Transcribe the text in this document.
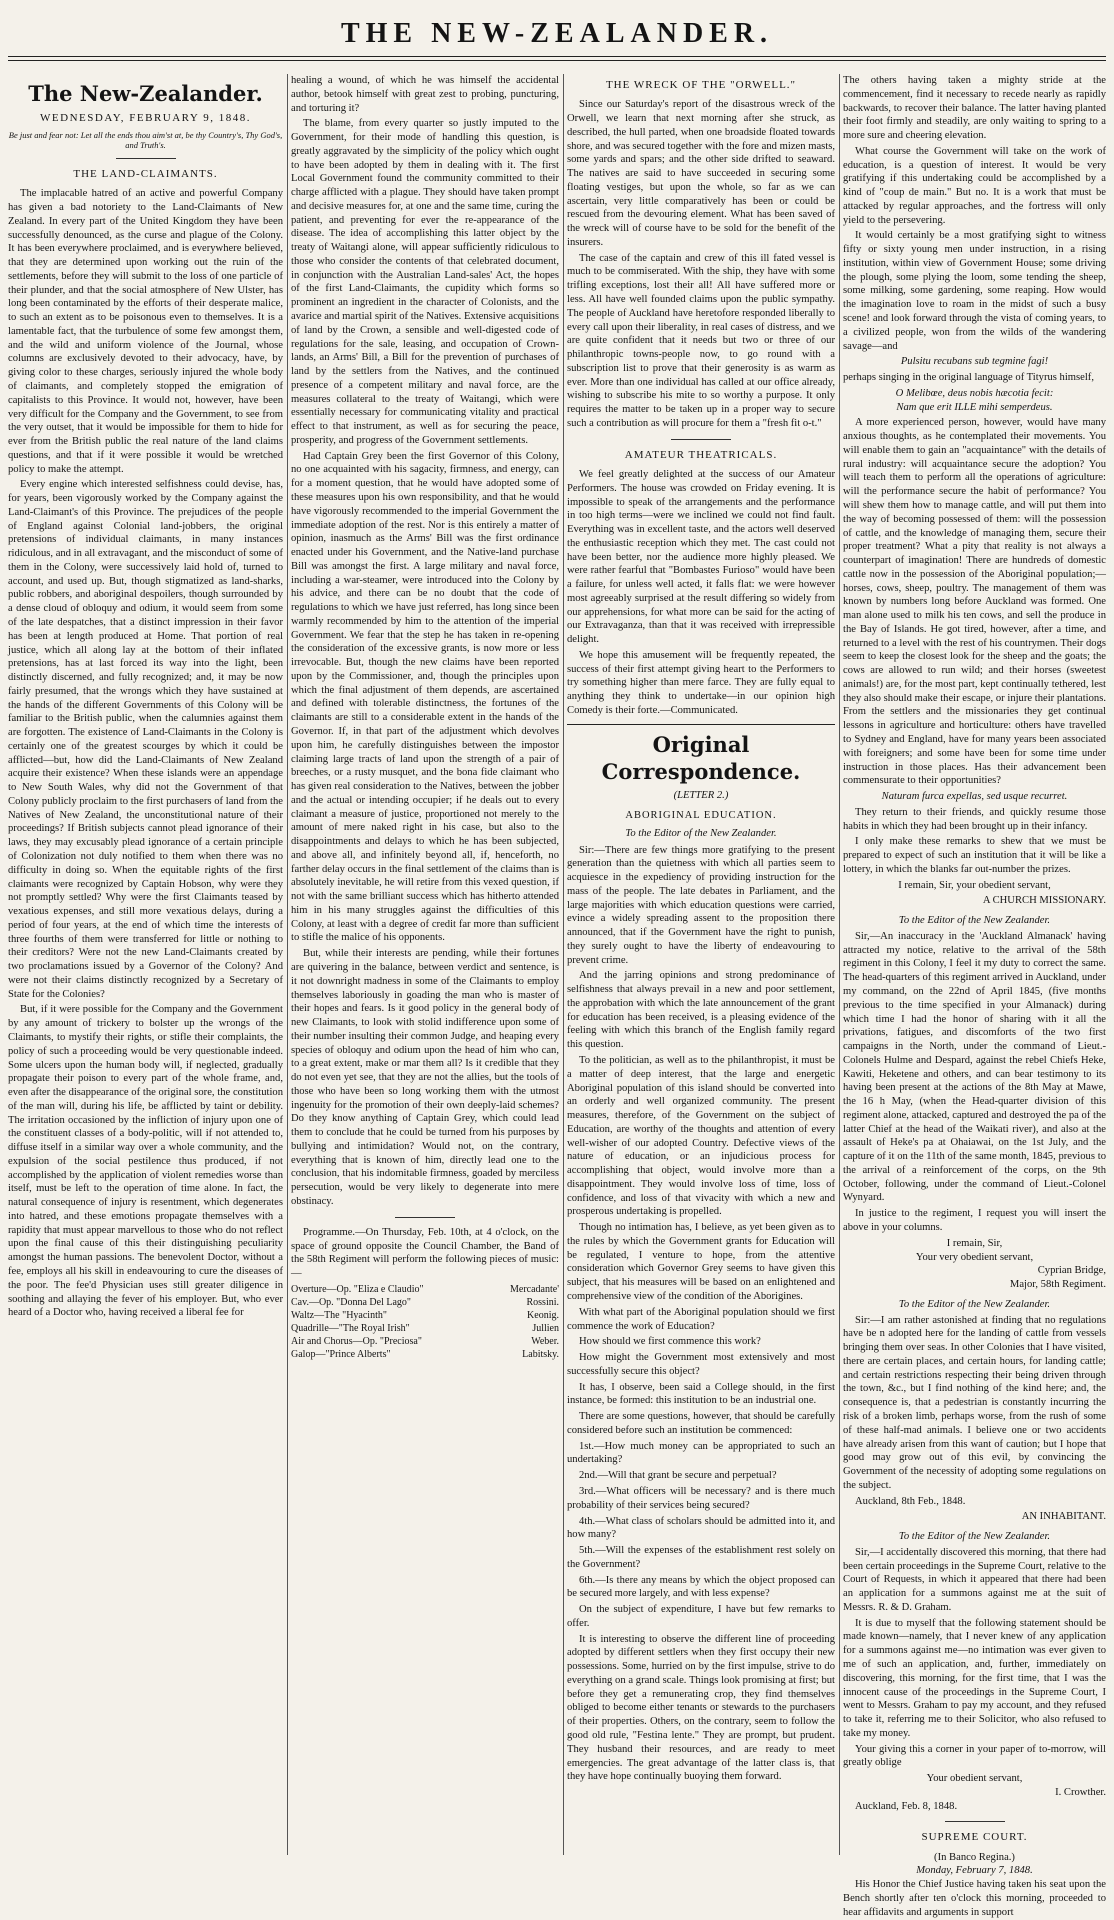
THE NEW-ZEALANDER.
The New-Zealander.
WEDNESDAY, FEBRUARY 9, 1848.
Be just and fear not: Let all the ends thou aim'st at, be thy Country's, Thy God's, and Truth's.
THE LAND-CLAIMANTS.

The implacable hatred of an active and powerful Company has given a bad notoriety to the Land-Claimants of New Zealand. In every part of the United Kingdom they have been successfully denounced, as the curse and plague of the Colony. It has been everywhere proclaimed, and is everywhere believed, that they are determined upon working out the ruin of the settlements, before they will submit to the loss of one particle of their plunder, and that the social atmosphere of New Ulster, has long been contaminated by the efforts of their desperate malice, to such an extent as to be poisonous even to themselves. It is a lamentable fact, that the turbulence of some few amongst them, and the wild and uniform violence of the Journal, whose columns are exclusively devoted to their advocacy, have, by giving color to these charges, seriously injured the whole body of claimants, and completely stopped the emigration of capitalists to this Province. It would not, however, have been very difficult for the Company and the Government, to see from the very outset, that it would be impossible for them to hide for ever from the British public the real nature of the land claims questions, and that if it were possible it would be wretched policy to make the attempt.

Every engine which interested selfishness could devise, has, for years, been vigorously worked by the Company against the Land-Claimant's of this Province. The prejudices of the people of England against Colonial land-jobbers, the original pretensions of individual claimants, in many instances ridiculous, and in all extravagant, and the misconduct of some of them in the Colony, were successively laid hold of, turned to account, and used up. But, though stigmatized as land-sharks, public robbers, and aboriginal despoilers, though surrounded by a dense cloud of obloquy and odium, it would seem from some of the late despatches, that a distinct impression in their favor has been at length produced at Home. That portion of real justice, which all along lay at the bottom of their inflated pretensions, has at last forced its way into the light, been distinctly discerned, and fully recognized; and, it may be now fairly presumed, that the wrongs which they have sustained at the hands of the different Governments of this Colony will be familiar to the British public, when the calumnies against them are forgotten. The existence of Land-Claimants in the Colony is certainly one of the greatest scourges by which it could be afflicted—but, how did the Land-Claimants of New Zealand acquire their existence? When these islands were an appendage to New South Wales, why did not the Government of that Colony publicly proclaim to the first purchasers of land from the Natives of New Zealand, the unconstitutional nature of their proceedings? If British subjects cannot plead ignorance of their laws, they may excusably plead ignorance of a certain principle of Colonization not duly notified to them when there was no difficulty in doing so. When the equitable rights of the first claimants were recognized by Captain Hobson, why were they not promptly settled? Why were the first Claimants teased by vexatious expenses, and still more vexatious delays, during a period of four years, at the end of which time the interests of three fourths of them were transferred for little or nothing to their creditors? Were not the new Land-Claimants created by two proclamations issued by a Governor of the Colony? And were not their claims distinctly recognized by a Secretary of State for the Colonies?

But, if it were possible for the Company and the Government by any amount of trickery to bolster up the wrongs of the Claimants, to mystify their rights, or stifle their complaints, the policy of such a proceeding would be very questionable indeed. Some ulcers upon the human body will, if neglected, gradually propagate their poison to every part of the whole frame, and, even after the disappearance of the original sore, the constitution of the man will, during his life, be afflicted by taint or debility. The irritation occasioned by the infliction of injury upon one of the constituent classes of a body-politic, will if not attended to, diffuse itself in a similar way over a whole community, and the expulsion of the social pestilence thus produced, if not accomplished by the application of violent remedies worse than itself, must be left to the operation of time alone. In fact, the natural consequence of injury is resentment, which degenerates into hatred, and these emotions propagate themselves with a rapidity that must appear marvellous to those who do not reflect upon the final cause of this their distinguishing peculiarity amongst the human passions. The benevolent Doctor, without a fee, employs all his skill in endeavouring to cure the diseases of the poor. The fee'd Physician uses still greater diligence in soothing and allaying the fever of his employer. But, who ever heard of a Doctor who, having received a liberal fee for

healing a wound, of which he was himself the accidental author, betook himself with great zest to probing, puncturing, and torturing it?

The blame, from every quarter so justly imputed to the Government, for their mode of handling this question, is greatly aggravated by the simplicity of the policy which ought to have been adopted by them in dealing with it. The first Local Government found the community committed to their charge afflicted with a plague. They should have taken prompt and decisive measures for, at one and the same time, curing the patient, and preventing for ever the re-appearance of the disease. The idea of accomplishing this latter object by the treaty of Waitangi alone, will appear sufficiently ridiculous to those who consider the contents of that celebrated document, in conjunction with the Australian Land-sales' Act, the hopes of the first Land-Claimants, the cupidity which forms so prominent an ingredient in the character of Colonists, and the avarice and martial spirit of the Natives. Extensive acquisitions of land by the Crown, a sensible and well-digested code of regulations for the sale, leasing, and occupation of Crown-lands, an Arms' Bill, a Bill for the prevention of purchases of land by the settlers from the Natives, and the continued presence of a competent military and naval force, are the measures collateral to the treaty of Waitangi, which were essentially necessary for communicating vitality and practical effect to that instrument, as well as for securing the peace, prosperity, and progress of the Government settlements.

Had Captain Grey been the first Governor of this Colony, no one acquainted with his sagacity, firmness, and energy, can for a moment question, that he would have adopted some of these measures upon his own responsibility, and that he would have vigorously recommended to the imperial Government the immediate adoption of the rest. Nor is this entirely a matter of opinion, inasmuch as the Arms' Bill was the first ordinance enacted under his Government, and the Native-land purchase Bill was amongst the first. A large military and naval force, including a war-steamer, were introduced into the Colony by his advice, and there can be no doubt that the code of regulations to which we have just referred, has long since been warmly recommended by him to the attention of the imperial Government. We fear that the step he has taken in re-opening the consideration of the excessive grants, is now more or less irrevocable. But, though the new claims have been reported upon by the Commissioner, and, though the principles upon which the final adjustment of them depends, are ascertained and defined with tolerable distinctness, the fortunes of the claimants are still to a considerable extent in the hands of the Governor. If, in that part of the adjustment which devolves upon him, he carefully distinguishes between the impostor claiming large tracts of land upon the strength of a pair of breeches, or a rusty musquet, and the bona fide claimant who has given real consideration to the Natives, between the jobber and the actual or intending occupier; if he deals out to every claimant a measure of justice, proportioned not merely to the amount of mere naked right in his case, but also to the disappointments and delays to which he has been subjected, and above all, and infinitely beyond all, if, henceforth, no farther delay occurs in the final settlement of the claims than is absolutely inevitable, he will retire from this vexed question, if not with the same brilliant success which has hitherto attended him in his many struggles against the difficulties of this Colony, at least with a degree of credit far more than sufficient to stifle the malice of his opponents.

But, while their interests are pending, while their fortunes are quivering in the balance, between verdict and sentence, is it not downright madness in some of the Claimants to employ themselves laboriously in goading the man who is master of their hopes and fears. Is it good policy in the general body of new Claimants, to look with stolid indifference upon some of their number insulting their common Judge, and heaping every species of obloquy and odium upon the head of him who can, to a great extent, make or mar them all? Is it credible that they do not even yet see, that they are not the allies, but the tools of those who have been so long working them with the utmost ingenuity for the promotion of their own deeply-laid schemes? Do they know anything of Captain Grey, which could lead them to conclude that he could be turned from his purposes by bullying and intimidation? Would not, on the contrary, everything that is known of him, directly lead one to the conclusion, that his indomitable firmness, goaded by merciless persecution, would be very likely to degenerate into mere obstinacy.

Programme.—On Thursday, Feb. 10th, at 4 o'clock, on the space of ground opposite the Council Chamber, the Band of the 58th Regiment will perform the following pieces of music:—

Overture—Op. "Eliza e Claudio"	Mercadante'
Cav.—Op. "Donna Del Lago"	Rossini.
Waltz—The "Hyacinth"	Keonig.
Quadrille—"The Royal Irish"	Jullien
Air and Chorus—Op. "Preciosa"	Weber.
Galop—"Prince Alberts"	Labitsky.
THE WRECK OF THE "ORWELL."

Since our Saturday's report of the disastrous wreck of the Orwell, we learn that next morning after she struck, as described, the hull parted, when one broadside floated towards shore, and was secured together with the fore and mizen masts, some yards and spars; and the other side drifted to seaward. The natives are said to have succeeded in securing some floating vestiges, but upon the whole, so far as we can ascertain, very little comparatively has been or could be rescued from the devouring element. What has been saved of the wreck will of course have to be sold for the benefit of the insurers.

The case of the captain and crew of this ill fated vessel is much to be commiserated. With the ship, they have with some trifling exceptions, lost their all! All have suffered more or less. All have well founded claims upon the public sympathy. The people of Auckland have heretofore responded liberally to every call upon their liberality, in real cases of distress, and we are quite confident that it needs but two or three of our philanthropic towns-people now, to go round with a subscription list to prove that their generosity is as warm as ever. More than one individual has called at our office already, wishing to subscribe his mite to so worthy a purpose. It only requires the matter to be taken up in a proper way to secure such a contribution as will procure for them a "fresh fit o-t."

AMATEUR THEATRICALS.

We feel greatly delighted at the success of our Amateur Performers. The house was crowded on Friday evening. It is impossible to speak of the arrangements and the performance in too high terms—were we inclined we could not find fault. Everything was in excellent taste, and the actors well deserved the enthusiastic reception which they met. The cast could not have been better, nor the audience more highly pleased. We were rather fearful that "Bombastes Furioso" would have been a failure, for unless well acted, it falls flat: we were however most agreeably surprised at the result differing so widely from our apprehensions, for what more can be said for the acting of our Extravaganza, than that it was received with irrepressible delight.

We hope this amusement will be frequently repeated, the success of their first attempt giving heart to the Performers to try something higher than mere farce. They are fully equal to anything they think to undertake—in our opinion high Comedy is their forte.—Communicated.

Original Correspondence.
(LETTER 2.)
ABORIGINAL EDUCATION.
To the Editor of the New Zealander.

Sir:—There are few things more gratifying to the present generation than the quietness with which all parties seem to acquiesce in the expediency of providing instruction for the mass of the people. The late debates in Parliament, and the large majorities with which education questions were carried, evince a widely spreading assent to the proposition there announced, that if the Government have the right to punish, they surely ought to have the liberty of endeavouring to prevent crime.

And the jarring opinions and strong predominance of selfishness that always prevail in a new and poor settlement, the approbation with which the late announcement of the grant for education has been received, is a pleasing evidence of the feeling with which this branch of the English family regard this question.

To the politician, as well as to the philanthropist, it must be a matter of deep interest, that the large and energetic Aboriginal population of this island should be converted into an orderly and well organized community. The present measures, therefore, of the Government on the subject of Education, are worthy of the thoughts and attention of every well-wisher of our adopted Country. Defective views of the nature of education, or an injudicious process for accomplishing that object, would involve more than a disappointment. They would involve loss of time, loss of confidence, and loss of that vivacity with which a new and prosperous undertaking is propelled.

Though no intimation has, I believe, as yet been given as to the rules by which the Government grants for Education will be regulated, I venture to hope, from the attentive consideration which Governor Grey seems to have given this subject, that his measures will be based on an enlightened and comprehensive view of the condition of the Aborigines.

With what part of the Aboriginal population should we first commence the work of Education?

How should we first commence this work?

How might the Government most extensively and most successfully secure this object?

It has, I observe, been said a College should, in the first instance, be formed: this institution to be an industrial one.

There are some questions, however, that should be carefully considered before such an institution be commenced:

1st.—How much money can be appropriated to such an undertaking?

2nd.—Will that grant be secure and perpetual?

3rd.—What officers will be necessary? and is there much probability of their services being secured?

4th.—What class of scholars should be admitted into it, and how many?

5th.—Will the expenses of the establishment rest solely on the Government?

6th.—Is there any means by which the object proposed can be secured more largely, and with less expense?

On the subject of expenditure, I have but few remarks to offer.

It is interesting to observe the different line of proceeding adopted by different settlers when they first occupy their new possessions. Some, hurried on by the first impulse, strive to do everything on a grand scale. Things look promising at first; but before they get a remunerating crop, they find themselves obliged to become either tenants or stewards to the purchasers of their properties. Others, on the contrary, seem to follow the good old rule, "Festina lente." They are prompt, but prudent. They husband their resources, and are ready to meet emergencies. The great advantage of the latter class is, that they have hope continually buoying them forward.

The others having taken a mighty stride at the commencement, find it necessary to recede nearly as rapidly backwards, to recover their balance. The latter having planted their foot firmly and steadily, are only waiting to spring to a more sure and cheering elevation.

What course the Government will take on the work of education, is a question of interest. It would be very gratifying if this undertaking could be accomplished by a kind of "coup de main." But no. It is a work that must be attacked by regular approaches, and the fortress will only yield to the persevering.

It would certainly be a most gratifying sight to witness fifty or sixty young men under instruction, in a rising institution, within view of Government House; some driving the plough, some plying the loom, some tending the sheep, some milking, some gardening, some reaping. How would the imagination love to roam in the midst of such a busy scene! and look forward through the vista of coming years, to a civilized people, won from the wilds of the wandering savage—and

Pulsitu recubans sub tegmine fagi!

perhaps singing in the original language of Tityrus himself,

O Melibœe, deus nobis hæcotia fecit:

Nam que erit ILLE mihi semperdeus.

A more experienced person, however, would have many anxious thoughts, as he contemplated their movements. You will enable them to gain an "acquaintance" with the details of rural industry: will acquaintance secure the adoption? You will teach them to perform all the operations of agriculture: will the performance secure the habit of performance? You will shew them how to manage cattle, and will put them into the way of becoming possessed of them: will the possession of cattle, and the knowledge of managing them, secure their proper treatment? What a pity that reality is not always a counterpart of imagination! There are hundreds of domestic cattle now in the possession of the Aboriginal population;—horses, cows, sheep, poultry. The management of them was known by numbers long before Auckland was formed. One man alone used to milk his ten cows, and sell the produce in the Bay of Islands. He got tired, however, after a time, and returned to a level with the rest of his countrymen. Their dogs seem to keep the closest look for the sheep and the goats; the cows are allowed to run wild; and their horses (sweetest animals!) are, for the most part, kept continually tethered, lest they also should make their escape, or injure their plantations. From the settlers and the missionaries they get continual lessons in agriculture and horticulture: others have travelled to Sydney and England, have for many years been associated with foreigners; and some have been for some time under instruction in those places. Has their advancement been commensurate to their opportunities?

Naturam furca expellas, sed usque recurret.

They return to their friends, and quickly resume those habits in which they had been brought up in their infancy.

I only make these remarks to shew that we must be prepared to expect of such an institution that it will be like a lottery, in which the blanks far out-number the prizes.

I remain, Sir, your obedient servant,

A CHURCH MISSIONARY.

To the Editor of the New Zealander.

Sir,—An inaccuracy in the 'Auckland Almanack' having attracted my notice, relative to the arrival of the 58th regiment in this Colony, I feel it my duty to correct the same. The head-quarters of this regiment arrived in Auckland, under my command, on the 22nd of April 1845, (five months previous to the time specified in your Almanack) during which time I had the honor of sharing with it all the privations, fatigues, and discomforts of the two first campaigns in the North, under the command of Lieut.-Colonels Hulme and Despard, against the rebel Chiefs Heke, Kawiti, Heketene and others, and can bear testimony to its having been present at the actions of the 8th May at Mawe, the 16 h May, (when the Head-quarter division of this regiment alone, attacked, captured and destroyed the pa of the latter Chief at the head of the Waikati river), and also at the assault of Heke's pa at Ohaiawai, on the 1st July, and the capture of it on the 11th of the same month, 1845, previous to the arrival of a reinforcement of the corps, on the 9th October, following, under the command of Lieut.-Colonel Wynyard.

In justice to the regiment, I request you will insert the above in your columns.

I remain, Sir,

Your very obedient servant,

Cyprian Bridge,

Major, 58th Regiment.

To the Editor of the New Zealander.

Sir:—I am rather astonished at finding that no regulations have be n adopted here for the landing of cattle from vessels bringing them over seas. In other Colonies that I have visited, there are certain places, and certain hours, for landing cattle; and certain restrictions respecting their being driven through the town, &c., but I find nothing of the kind here; and, the consequence is, that a pedestrian is constantly incurring the risk of a broken limb, perhaps worse, from the rush of some of these half-mad animals. I believe one or two accidents have already arisen from this want of caution; but I hope that good may grow out of this evil, by convincing the Government of the necessity of adopting some regulations on the subject.

Auckland, 8th Feb., 1848.

AN INHABITANT.

To the Editor of the New Zealander.

Sir,—I accidentally discovered this morning, that there had been certain proceedings in the Supreme Court, relative to the Court of Requests, in which it appeared that there had been an application for a summons against me at the suit of Messrs. R. & D. Graham.

It is due to myself that the following statement should be made known—namely, that I never knew of any application for a summons against me—no intimation was ever given to me of such an application, and, further, immediately on discovering, this morning, for the first time, that I was the innocent cause of the proceedings in the Supreme Court, I went to Messrs. Graham to pay my account, and they refused to take it, referring me to their Solicitor, who also refused to take my money.

Your giving this a corner in your paper of to-morrow, will greatly oblige

Your obedient servant,

I. Crowther.

Auckland, Feb. 8, 1848.

SUPREME COURT.
(In Banco Regina.)
Monday, February 7, 1848.

His Honor the Chief Justice having taken his seat upon the Bench shortly after ten o'clock this morning, proceeded to hear affidavits and arguments in support
